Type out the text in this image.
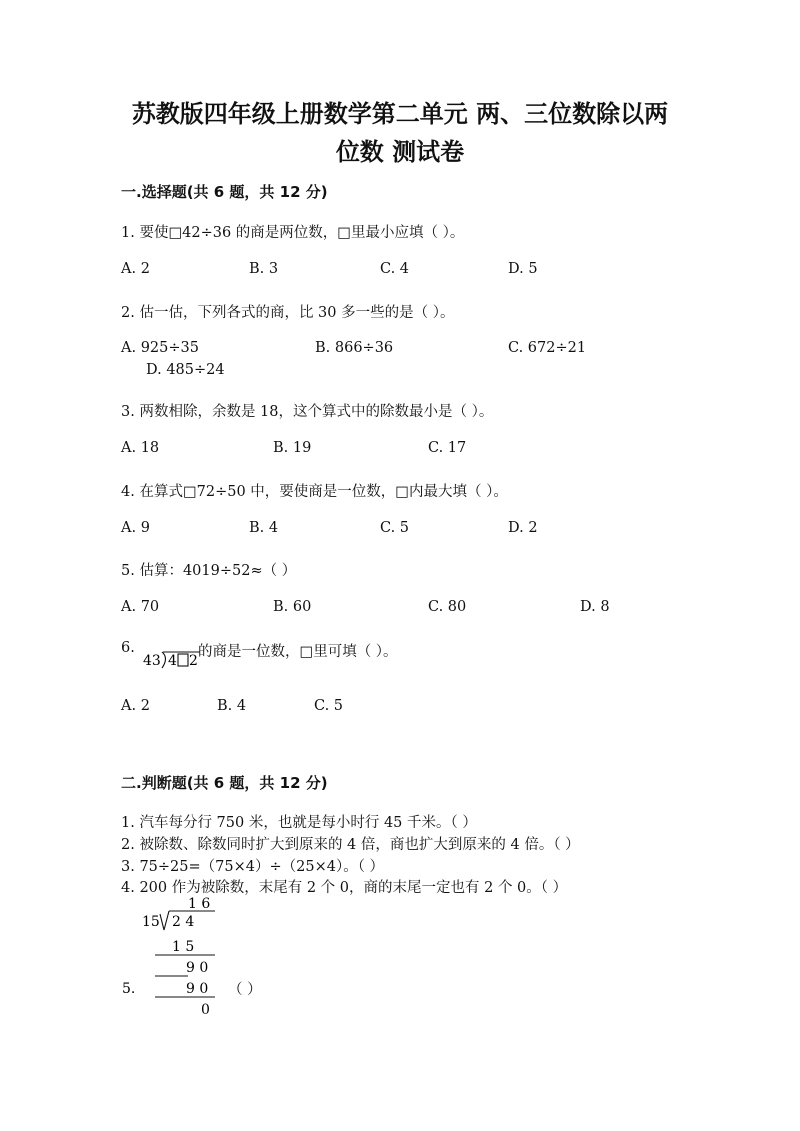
苏教版四年级上册数学第二单元 两、三位数除以两
位数 测试卷
一.选择题(共 6 题，共 12 分)
1. 要使□42÷36 的商是两位数，□里最小应填（ ）。
A. 2	B. 3	C. 4	D. 5
2. 估一估，下列各式的商，比 30 多一些的是（ ）。
A. 925÷35	B. 866÷36	C. 672÷21
D. 485÷24
3. 两数相除，余数是 18，这个算式中的除数最小是（ ）。
A. 18	B. 19	C. 17
4. 在算式□72÷50 中，要使商是一位数，□内最大填（ ）。
A. 9	B. 4	C. 5	D. 2
5. 估算：4019÷52≈（ ）
A. 70	B. 60	C. 80	D. 8
6.
43 4 2
的商是一位数，□里可填（ ）。
A. 2	B. 4	C. 5
二.判断题(共 6 题，共 12 分)
1. 汽车每分行 750 米，也就是每小时行 45 千米。（ ）
2. 被除数、除数同时扩大到原来的 4 倍，商也扩大到原来的 4 倍。（ ）
3. 75÷25=（75×4）÷（25×4）。（ ）
4. 200 作为被除数，末尾有 2 个 0，商的末尾一定也有 2 个 0。（ ）
1 6
15 2 4
1 5
9 0
5.	9 0
0
（ ）
